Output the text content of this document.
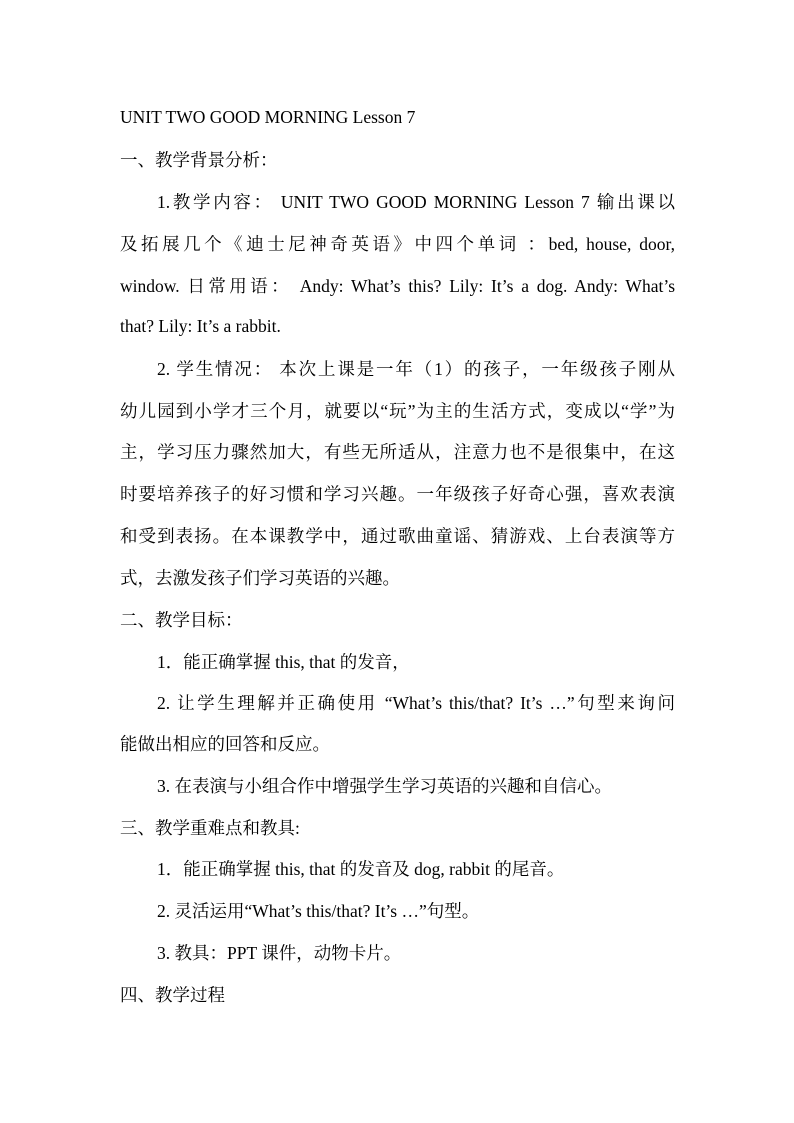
UNIT TWO GOOD MORNING Lesson 7
一、教学背景分析：
1.教学内容： UNIT TWO GOOD MORNING Lesson 7 输出课以
及拓展几个《迪士尼神奇英语》中四个单词 ：bed, house, door,
window. 日常用语： Andy: What’s this? Lily: It’s a dog. Andy: What’s
that? Lily: It’s a rabbit.
2. 学生情况： 本次上课是一年（1）的孩子，一年级孩子刚从
幼儿园到小学才三个月，就要以“玩”为主的生活方式，变成以“学”为
主，学习压力骤然加大，有些无所适从，注意力也不是很集中，在这
时要培养孩子的好习惯和学习兴趣。一年级孩子好奇心强，喜欢表演
和受到表扬。在本课教学中，通过歌曲童谣、猜游戏、上台表演等方
式，去激发孩子们学习英语的兴趣。
二、教学目标：
1．能正确掌握 this, that 的发音，
2. 让学生理解并正确使用 “What’s this/that? It’s …”句型来询问
能做出相应的回答和反应。
3. 在表演与小组合作中增强学生学习英语的兴趣和自信心。
三、教学重难点和教具:
1．能正确掌握 this, that 的发音及 dog, rabbit 的尾音。
2. 灵活运用“What’s this/that? It’s …”句型。
3. 教具：PPT 课件，动物卡片。
四、教学过程
